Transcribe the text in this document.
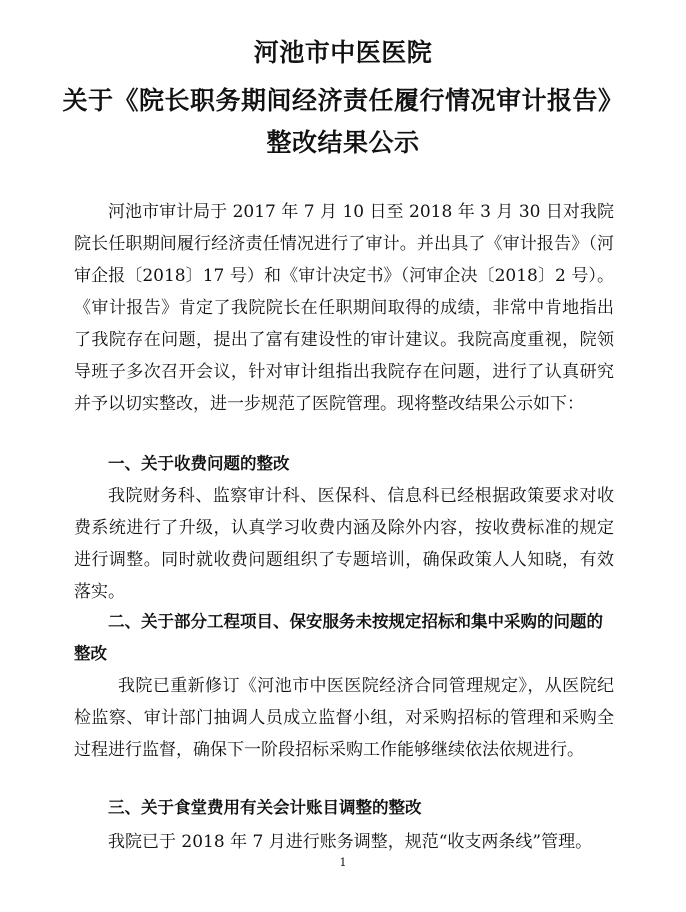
河池市中医医院
关于《院长职务期间经济责任履行情况审计报告》
整改结果公示

河池市审计局于 2017 年 7 月 10 日至 2018 年 3 月 30 日对我院院长任职期间履行经济责任情况进行了审计。并出具了《审计报告》（河审企报〔2018〕17 号）和《审计决定书》（河审企决〔2018〕2 号）。《审计报告》肯定了我院院长在任职期间取得的成绩，非常中肯地指出了我院存在问题，提出了富有建设性的审计建议。我院高度重视，院领导班子多次召开会议，针对审计组指出我院存在问题，进行了认真研究并予以切实整改，进一步规范了医院管理。现将整改结果公示如下：

一、关于收费问题的整改

我院财务科、监察审计科、医保科、信息科已经根据政策要求对收费系统进行了升级，认真学习收费内涵及除外内容，按收费标准的规定进行调整。同时就收费问题组织了专题培训，确保政策人人知晓，有效落实。

二、关于部分工程项目、保安服务未按规定招标和集中采购的问题的整改

我院已重新修订《河池市中医医院经济合同管理规定》，从医院纪检监察、审计部门抽调人员成立监督小组，对采购招标的管理和采购全过程进行监督，确保下一阶段招标采购工作能够继续依法依规进行。

三、关于食堂费用有关会计账目调整的整改

我院已于 2018 年 7 月进行账务调整，规范“收支两条线”管理。

1
